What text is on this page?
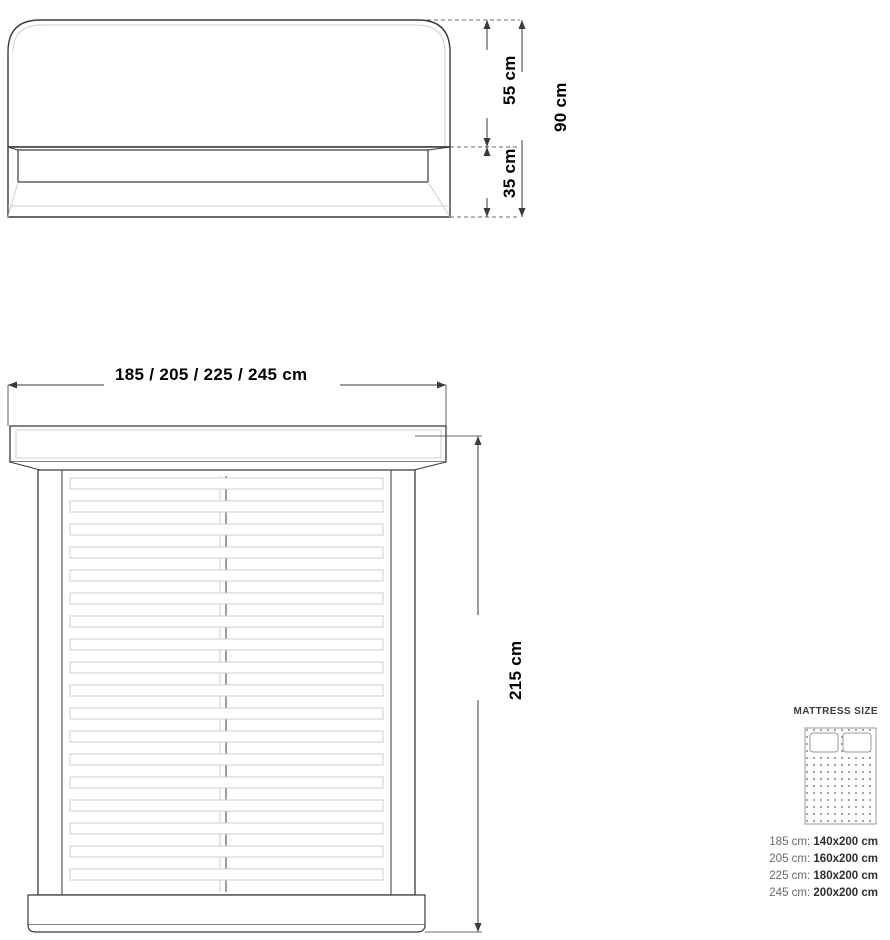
55 cm
35 cm
90 cm
185 / 205 / 225 / 245 cm
215 cm
MATTRESS SIZE
185 cm: 140x200 cm
205 cm: 160x200 cm
225 cm: 180x200 cm
245 cm: 200x200 cm
